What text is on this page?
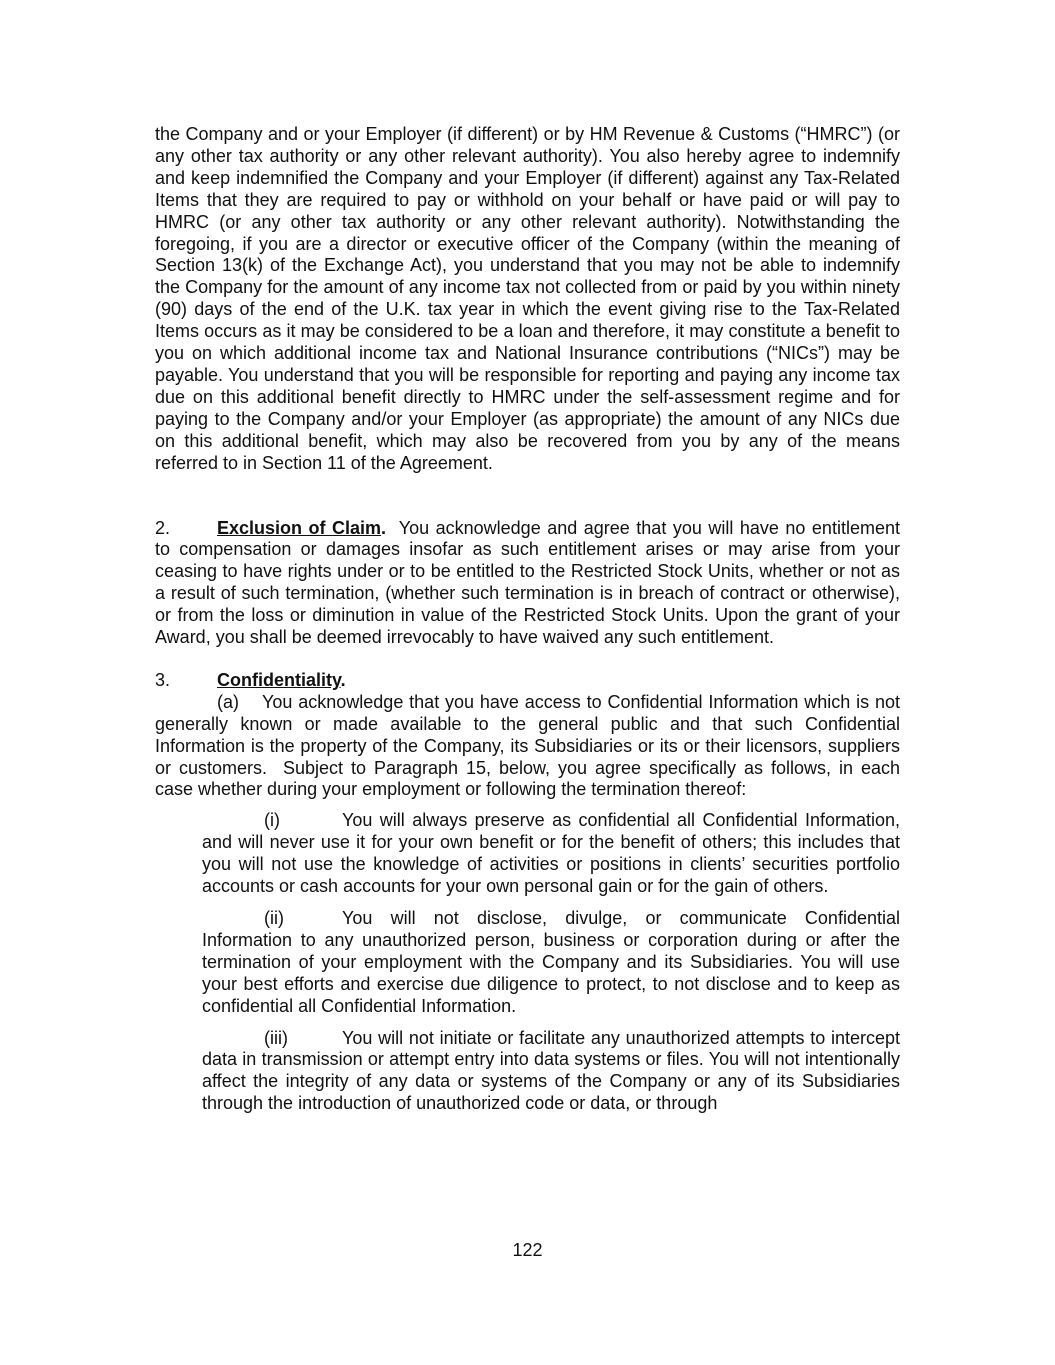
the Company and or your Employer (if different) or by HM Revenue & Customs (“HMRC”) (or any other tax authority or any other relevant authority). You also hereby agree to indemnify and keep indemnified the Company and your Employer (if different) against any Tax-Related Items that they are required to pay or withhold on your behalf or have paid or will pay to HMRC (or any other tax authority or any other relevant authority). Notwithstanding the foregoing, if you are a director or executive officer of the Company (within the meaning of Section 13(k) of the Exchange Act), you understand that you may not be able to indemnify the Company for the amount of any income tax not collected from or paid by you within ninety (90) days of the end of the U.K. tax year in which the event giving rise to the Tax-Related Items occurs as it may be considered to be a loan and therefore, it may constitute a benefit to you on which additional income tax and National Insurance contributions (“NICs”) may be payable. You understand that you will be responsible for reporting and paying any income tax due on this additional benefit directly to HMRC under the self-assessment regime and for paying to the Company and/or your Employer (as appropriate) the amount of any NICs due on this additional benefit, which may also be recovered from you by any of the means referred to in Section 11 of the Agreement.

2.	Exclusion of Claim.  You acknowledge and agree that you will have no entitlement to compensation or damages insofar as such entitlement arises or may arise from your ceasing to have rights under or to be entitled to the Restricted Stock Units, whether or not as a result of such termination, (whether such termination is in breach of contract or otherwise), or from the loss or diminution in value of the Restricted Stock Units. Upon the grant of your Award, you shall be deemed irrevocably to have waived any such entitlement.

3.	Confidentiality.

(a)    You acknowledge that you have access to Confidential Information which is not generally known or made available to the general public and that such Confidential Information is the property of the Company, its Subsidiaries or its or their licensors, suppliers or customers.  Subject to Paragraph 15, below, you agree specifically as follows, in each case whether during your employment or following the termination thereof:

(i)	You will always preserve as confidential all Confidential Information, and will never use it for your own benefit or for the benefit of others; this includes that you will not use the knowledge of activities or positions in clients’ securities portfolio accounts or cash accounts for your own personal gain or for the gain of others.

(ii)	You will not disclose, divulge, or communicate Confidential Information to any unauthorized person, business or corporation during or after the termination of your employment with the Company and its Subsidiaries. You will use your best efforts and exercise due diligence to protect, to not disclose and to keep as confidential all Confidential Information.

(iii)	You will not initiate or facilitate any unauthorized attempts to intercept data in transmission or attempt entry into data systems or files. You will not intentionally affect the integrity of any data or systems of the Company or any of its Subsidiaries through the introduction of unauthorized code or data, or through

122
